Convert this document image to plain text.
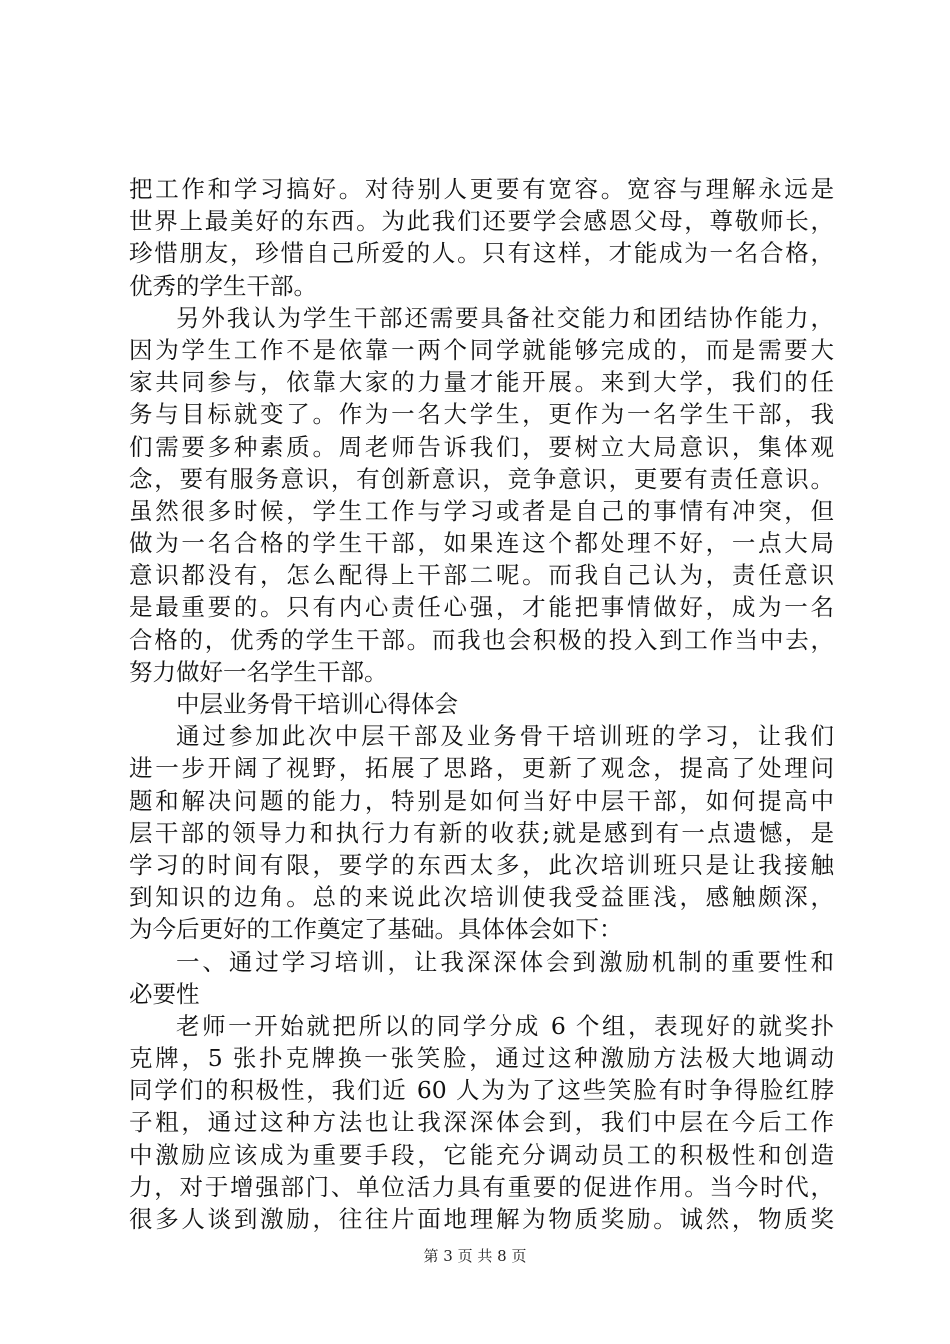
把工作和学习搞好。对待别人更要有宽容。宽容与理解永远是
世界上最美好的东西。为此我们还要学会感恩父母，尊敬师长，
珍惜朋友，珍惜自己所爱的人。只有这样，才能成为一名合格，
优秀的学生干部。
另外我认为学生干部还需要具备社交能力和团结协作能力，
因为学生工作不是依靠一两个同学就能够完成的，而是需要大
家共同参与，依靠大家的力量才能开展。来到大学，我们的任
务与目标就变了。作为一名大学生，更作为一名学生干部，我
们需要多种素质。周老师告诉我们，要树立大局意识，集体观
念，要有服务意识，有创新意识，竞争意识，更要有责任意识。
虽然很多时候，学生工作与学习或者是自己的事情有冲突，但
做为一名合格的学生干部，如果连这个都处理不好，一点大局
意识都没有，怎么配得上干部二呢。而我自己认为，责任意识
是最重要的。只有内心责任心强，才能把事情做好，成为一名
合格的，优秀的学生干部。而我也会积极的投入到工作当中去，
努力做好一名学生干部。
中层业务骨干培训心得体会
通过参加此次中层干部及业务骨干培训班的学习，让我们
进一步开阔了视野，拓展了思路，更新了观念，提高了处理问
题和解决问题的能力，特别是如何当好中层干部，如何提高中
层干部的领导力和执行力有新的收获;就是感到有一点遗憾，是
学习的时间有限，要学的东西太多，此次培训班只是让我接触
到知识的边角。总的来说此次培训使我受益匪浅，感触颇深，
为今后更好的工作奠定了基础。具体体会如下：
一、通过学习培训，让我深深体会到激励机制的重要性和
必要性
老师一开始就把所以的同学分成 6 个组，表现好的就奖扑
克牌，5 张扑克牌换一张笑脸，通过这种激励方法极大地调动
同学们的积极性，我们近 60 人为为了这些笑脸有时争得脸红脖
子粗，通过这种方法也让我深深体会到，我们中层在今后工作
中激励应该成为重要手段，它能充分调动员工的积极性和创造
力，对于增强部门、单位活力具有重要的促进作用。当今时代，
很多人谈到激励，往往片面地理解为物质奖励。诚然，物质奖
第 3 页 共 8 页
